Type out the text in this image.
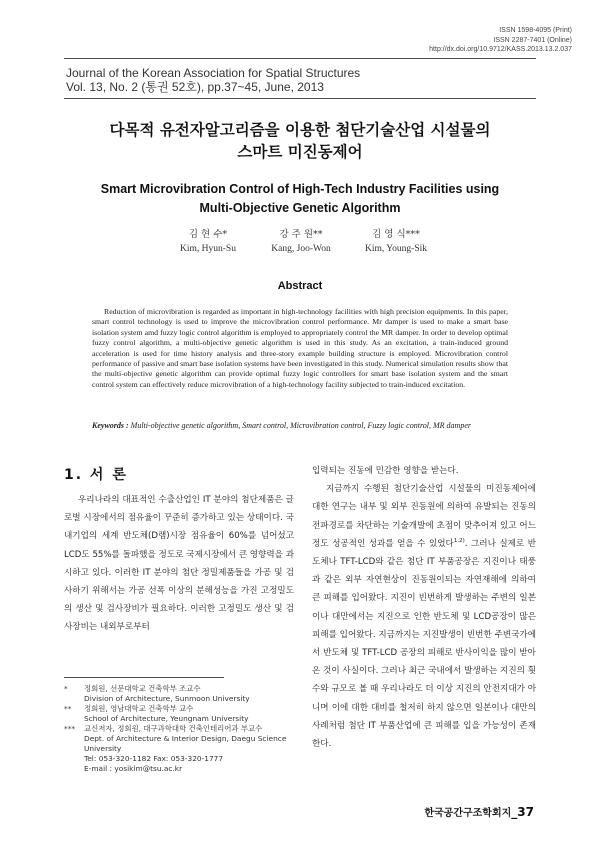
ISSN 1598-4095 (Print)
ISSN 2287-7401 (Online)
http://dx.doi.org/10.9712/KASS.2013.13.2.037
Journal of the Korean Association for Spatial Structures
Vol. 13, No. 2 (통권 52호), pp.37~45, June, 2013
다목적 유전자알고리즘을 이용한 첨단기술산업 시설물의
스마트 미진동제어
Smart Microvibration Control of High-Tech Industry Facilities using
Multi-Objective Genetic Algorithm
김 현 수*
Kim, Hyun-Su
강 주 원**
Kang, Joo-Won
김 영 식***
Kim, Young-Sik
Abstract
Reduction of microvibration is regarded as important in high-technology facilities with high precision equipments. In this paper, smart control technology is used to improve the microvibration control performance. Mr damper is used to make a smart base isolation system amd fuzzy logic control algorithm is employed to appropriately control the MR damper. In order to develop optimal fuzzy control algorithm, a multi-objective genetic algorithm is used in this study. As an excitation, a train-induced ground acceleration is used for time history analysis and three-story example building structure is employed. Microvibration control performance of passive and smart base isolation systems have been investigated in this study. Numerical simulation results show that the multi-objective genetic algorithm can provide optimal fuzzy logic controllers for smart base isolation system and the smart control system can effectively reduce microvibration of a high-technology facility subjected to train-induced excitation.
Keywords : Multi-objective genetic algorithm, Smart control, Microvibration control, Fuzzy logic control, MR damper
1. 서 론

우리나라의 대표적인 수출산업인 IT 분야의 첨단제품은 글로벌 시장에서의 점유율이 꾸준히 증가하고 있는 상태이다. 국내기업의 세계 반도체(D램)시장 점유율이 60%를 넘어섰고 LCD도 55%를 돌파했을 정도로 국제시장에서 큰 영향력을 과시하고 있다. 이러한 IT 분야의 첨단 정밀제품들을 가공 및 검사하기 위해서는 가공 선폭 이상의 분해성능을 가진 고정밀도의 생산 및 검사장비가 필요하다. 이러한 고정밀도 생산 및 검사장비는 내외부로부터

*	정회원, 선문대학교 건축학부 조교수
Division of Architecture, Sunmoon University
**	정회원, 영남대학교 건축학부 교수
School of Architecture, Yeungnam University
***	교신저자, 정회원, 대구과학대학 건축인테리어과 부교수
Dept. of Architecture & Interior Design, Daegu Science University
Tel: 053-320-1182 Fax: 053-320-1777
E-mail : yosikim@tsu.ac.kr

입력되는 진동에 민감한 영향을 받는다.

지금까지 수행된 첨단기술산업 시설물의 미진동제어에 대한 연구는 내부 및 외부 진동원에 의하여 유발되는 진동의 전파경로를 차단하는 기술개발에 초점이 맞추어져 있고 어느 정도 성공적인 성과를 얻을 수 있었다$^{1,2)}$. 그러나 실제로 반도체나 TFT-LCD와 같은 첨단 IT 부품공장은 지진이나 태풍과 같은 외부 자연현상이 진동원이되는 자연재해에 의하여 큰 피해를 입어왔다. 지진이 빈번하게 발생하는 주변의 일본이나 대만에서는 지진으로 인한 반도체 및 LCD공장이 많은 피해를 입어왔다. 지금까지는 지진발생이 빈번한 주변국가에서 반도체 및 TFT-LCD 공장의 피해로 반사이익을 많이 받아온 것이 사실이다. 그러나 최근 국내에서 발생하는 지진의 횟수와 규모로 볼 때 우리나라도 더 이상 지진의 안전지대가 아니며 이에 대한 대비를 철저히 하지 않으면 일본이나 대만의 사례처럼 첨단 IT 부품산업에 큰 피해를 입을 가능성이 존재한다.

한국공간구조학회지_37
